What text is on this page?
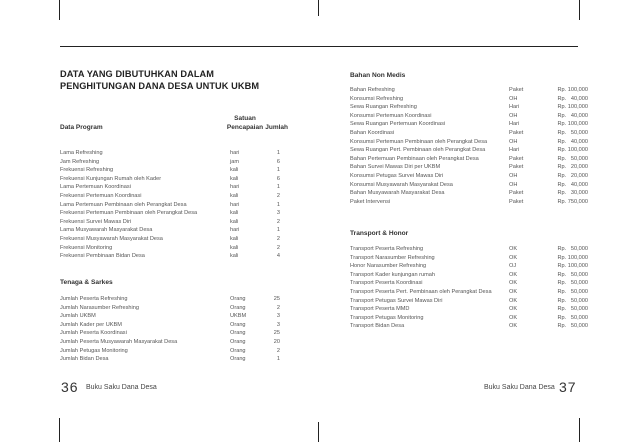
DATA YANG DIBUTUHKAN DALAM
PENGHITUNGAN DANA DESA UNTUK UKBM
Data Program
Satuan
Pencapaian Jumlah
Lama Refreshing	hari	1
Jam Refreshing	jam	6
Frekuensi Refreshing	kali	1
Frekuensi Kunjungan Rumah oleh Kader	kali	6
Lama Pertemuan Koordinasi	hari	1
Frekuensi Pertemuan Koordinasi	kali	2
Lama Pertemuan Pembinaan oleh Perangkat Desa	hari	1
Frekuensi Pertemuan Pembinaan oleh Perangkat Desa	kali	3
Frekuensi Survei Mawas Diri	kali	2
Lama Musyawarah Masyarakat Desa	hari	1
Frekuensi Musyawarah Masyarakat Desa	kali	2
Frekuensi Monitoring	kali	2
Frekuensi Pembinaan Bidan Desa	kali	4
Tenaga & Sarkes
Jumlah Peserta Refreshing	Orang	25
Jumlah Narasumber Refreshing	Orang	2
Jumlah UKBM	UKBM	3
Jumlah Kader per UKBM	Orang	3
Jumlah Peserta Koordinasi	Orang	25
Jumlah Peserta Musyawarah Masyarakat Desa	Orang	20
Jumlah Petugas Monitoring	Orang	2
Jumlah Bidan Desa	Orang	1
36 Buku Saku Dana Desa
Bahan Non Medis
Bahan Refreshing	Paket	Rp. 100,000
Konsumsi Refreshing	OH	Rp.   40,000
Sewa Ruangan Refreshing	Hari	Rp. 100,000
Konsumsi Pertemuan Koordinasi	OH	Rp.   40,000
Sewa Ruangan Pertemuan Koordinasi	Hari	Rp. 100,000
Bahan Koordinasi	Paket	Rp.   50,000
Konsumsi Pertemuan Pembinaan oleh Perangkat Desa	OH	Rp.   40,000
Sewa Ruangan Pert. Pembinaan oleh Perangkat Desa	Hari	Rp. 100,000
Bahan Pertemuan Pembinaan oleh Perangkat Desa	Paket	Rp.   50,000
Bahan Survei Mawas Diri per UKBM	Paket	Rp.   20,000
Konsumsi Petugas Survei Mawas Diri	OH	Rp.   20,000
Konsumsi Musyawarah Masyarakat Desa	OH	Rp.   40,000
Bahan Musyawarah Masyarakat Desa	Paket	Rp.   30,000
Paket Intervensi	Paket	Rp. 750,000
Transport & Honor
Transport Peserta Refreshing	OK	Rp.   50,000
Transport Narasumber Refreshing	OK	Rp. 100,000
Honor Narasumber Refreshing	OJ	Rp. 100,000
Transport Kader kunjungan rumah	OK	Rp.   50,000
Transport Peserta Koordinasi	OK	Rp.   50,000
Transport Peserta Pert. Pembinaan oleh Perangkat Desa	OK	Rp.   50,000
Transport Petugas Survei Mawas Diri	OK	Rp.   50,000
Transport Peserta MMD	OK	Rp.   50,000
Transport Petugas Monitoring	OK	Rp.   50,000
Transport Bidan Desa	OK	Rp.   50,000
Buku Saku Dana Desa 37
